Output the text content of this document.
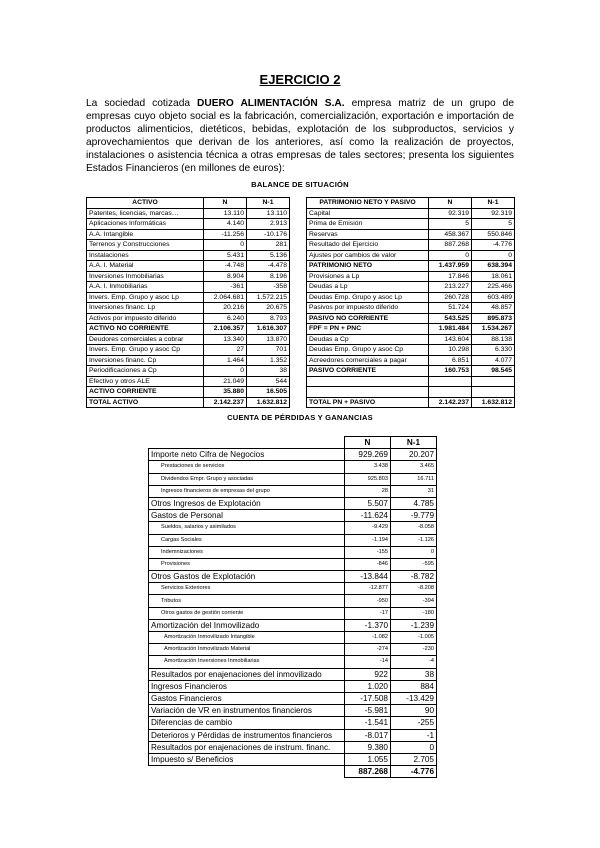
EJERCICIO 2

La sociedad cotizada DUERO ALIMENTACIÓN S.A. empresa matriz de un grupo de empresas cuyo objeto social es la fabricación, comercialización, exportación e importación de productos alimenticios, dietéticos, bebidas, explotación de los subproductos, servicios y aprovechamientos que derivan de los anteriores, así como la realización de proyectos, instalaciones o asistencia técnica a otras empresas de tales sectores; presenta los siguientes Estados Financieros (en millones de euros):

BALANCE DE SITUACIÓN
ACTIVO	N	N-1
Patentes, licencias, marcas…	13.110	13.110
Aplicaciones Informáticas	4.140	2.913
A.A. Intangible	-11.256	-10.176
Terrenos y Construcciones	0	281
Instalaciones	5.431	5.136
A.A. I. Material	-4.748	-4.478
Inversiones Inmobiliarias	8.904	8.196
A.A. I. Inmobiliarias	-361	-358
Invers. Emp. Grupo y asoc Lp	2.064.681	1.572.215
Inversiones financ. Lp	20.216	20.675
Activos por impuesto diferido	6.240	8.793
ACTIVO NO CORRIENTE	2.106.357	1.616.307
Deudores comerciales a cobrar	13.340	13.870
Invers. Emp. Grupo y asoc Cp	27	701
Inversiones financ. Cp	1.464	1.352
Periodificaciones a Cp	0	38
Efectivo y otros ALE	21.049	544
ACTIVO CORRIENTE	35.880	16.505
TOTAL ACTIVO	2.142.237	1.632.812
PATRIMONIO NETO Y PASIVO	N	N-1
Capital	92.319	92.319
Prima de Emisión	5	5
Reservas	458.367	550.846
Resultado del Ejercicio	887.268	-4.776
Ajustes por cambios de valor	0	0
PATRIMONIO NETO	1.437.959	638.394
Provisiones a Lp	17.846	18.061
Deudas a Lp	213.227	225.466
Deudas Emp. Grupo y asoc Lp	260.728	603.489
Pasivos por impuesto diferido	51.724	48.857
PASIVO NO CORRIENTE	543.525	895.873
FPF = PN + PNC	1.981.484	1.534.267
Deudas a Cp	143.604	88.138
Deudas Emp. Grupo y asoc Cp	10.298	6.330
Acreedores comerciales a pagar	6.851	4.077
PASIVO CORRIENTE	160.753	98.545

TOTAL PN + PASIVO	2.142.237	1.632.812
CUENTA DE PÉRDIDAS Y GANANCIAS
	N	N-1
Importe neto Cifra de Negocios	929.269	20.207
Prestaciones de servicios	3.438	3.465
Dividendos Empr. Grupo y asociadas	925.803	16.711
Ingresos financieros de empresas del grupo	28	31
Otros Ingresos de Explotación	5.507	4.785
Gastos de Personal	-11.624	-9.779
Sueldos, salarios y asimilados	-9.429	-8.058
Cargas Sociales	-1.194	-1.126
Indemnizaciones	-155	0
Provisiones	-846	-595
Otros Gastos de Explotación	-13.844	-8.782
Servicios Exteriores	-12.877	-8.208
Tributos	-950	-394
Otros gastos de gestión corriente	-17	-180
Amortización del Inmovilizado	-1.370	-1.239
Amortización Inmovilizado Intangible	-1.082	-1.005
Amortización Inmovilizado Material	-274	-230
Amortización Inversiones Inmobiliarias	-14	-4
Resultados por enajenaciones del inmovilizado	922	38
Ingresos Financieros	1.020	884
Gastos Financieros	-17.508	-13.429
Variación de VR en instrumentos financieros	-5.981	90
Diferencias de cambio	-1.541	-255
Deterioros y Pérdidas de instrumentos financieros	-8.017	-1
Resultados por enajenaciones de instrum. financ.	9.380	0
Impuesto s/ Beneficios	1.055	2.705
	887.268	-4.776
